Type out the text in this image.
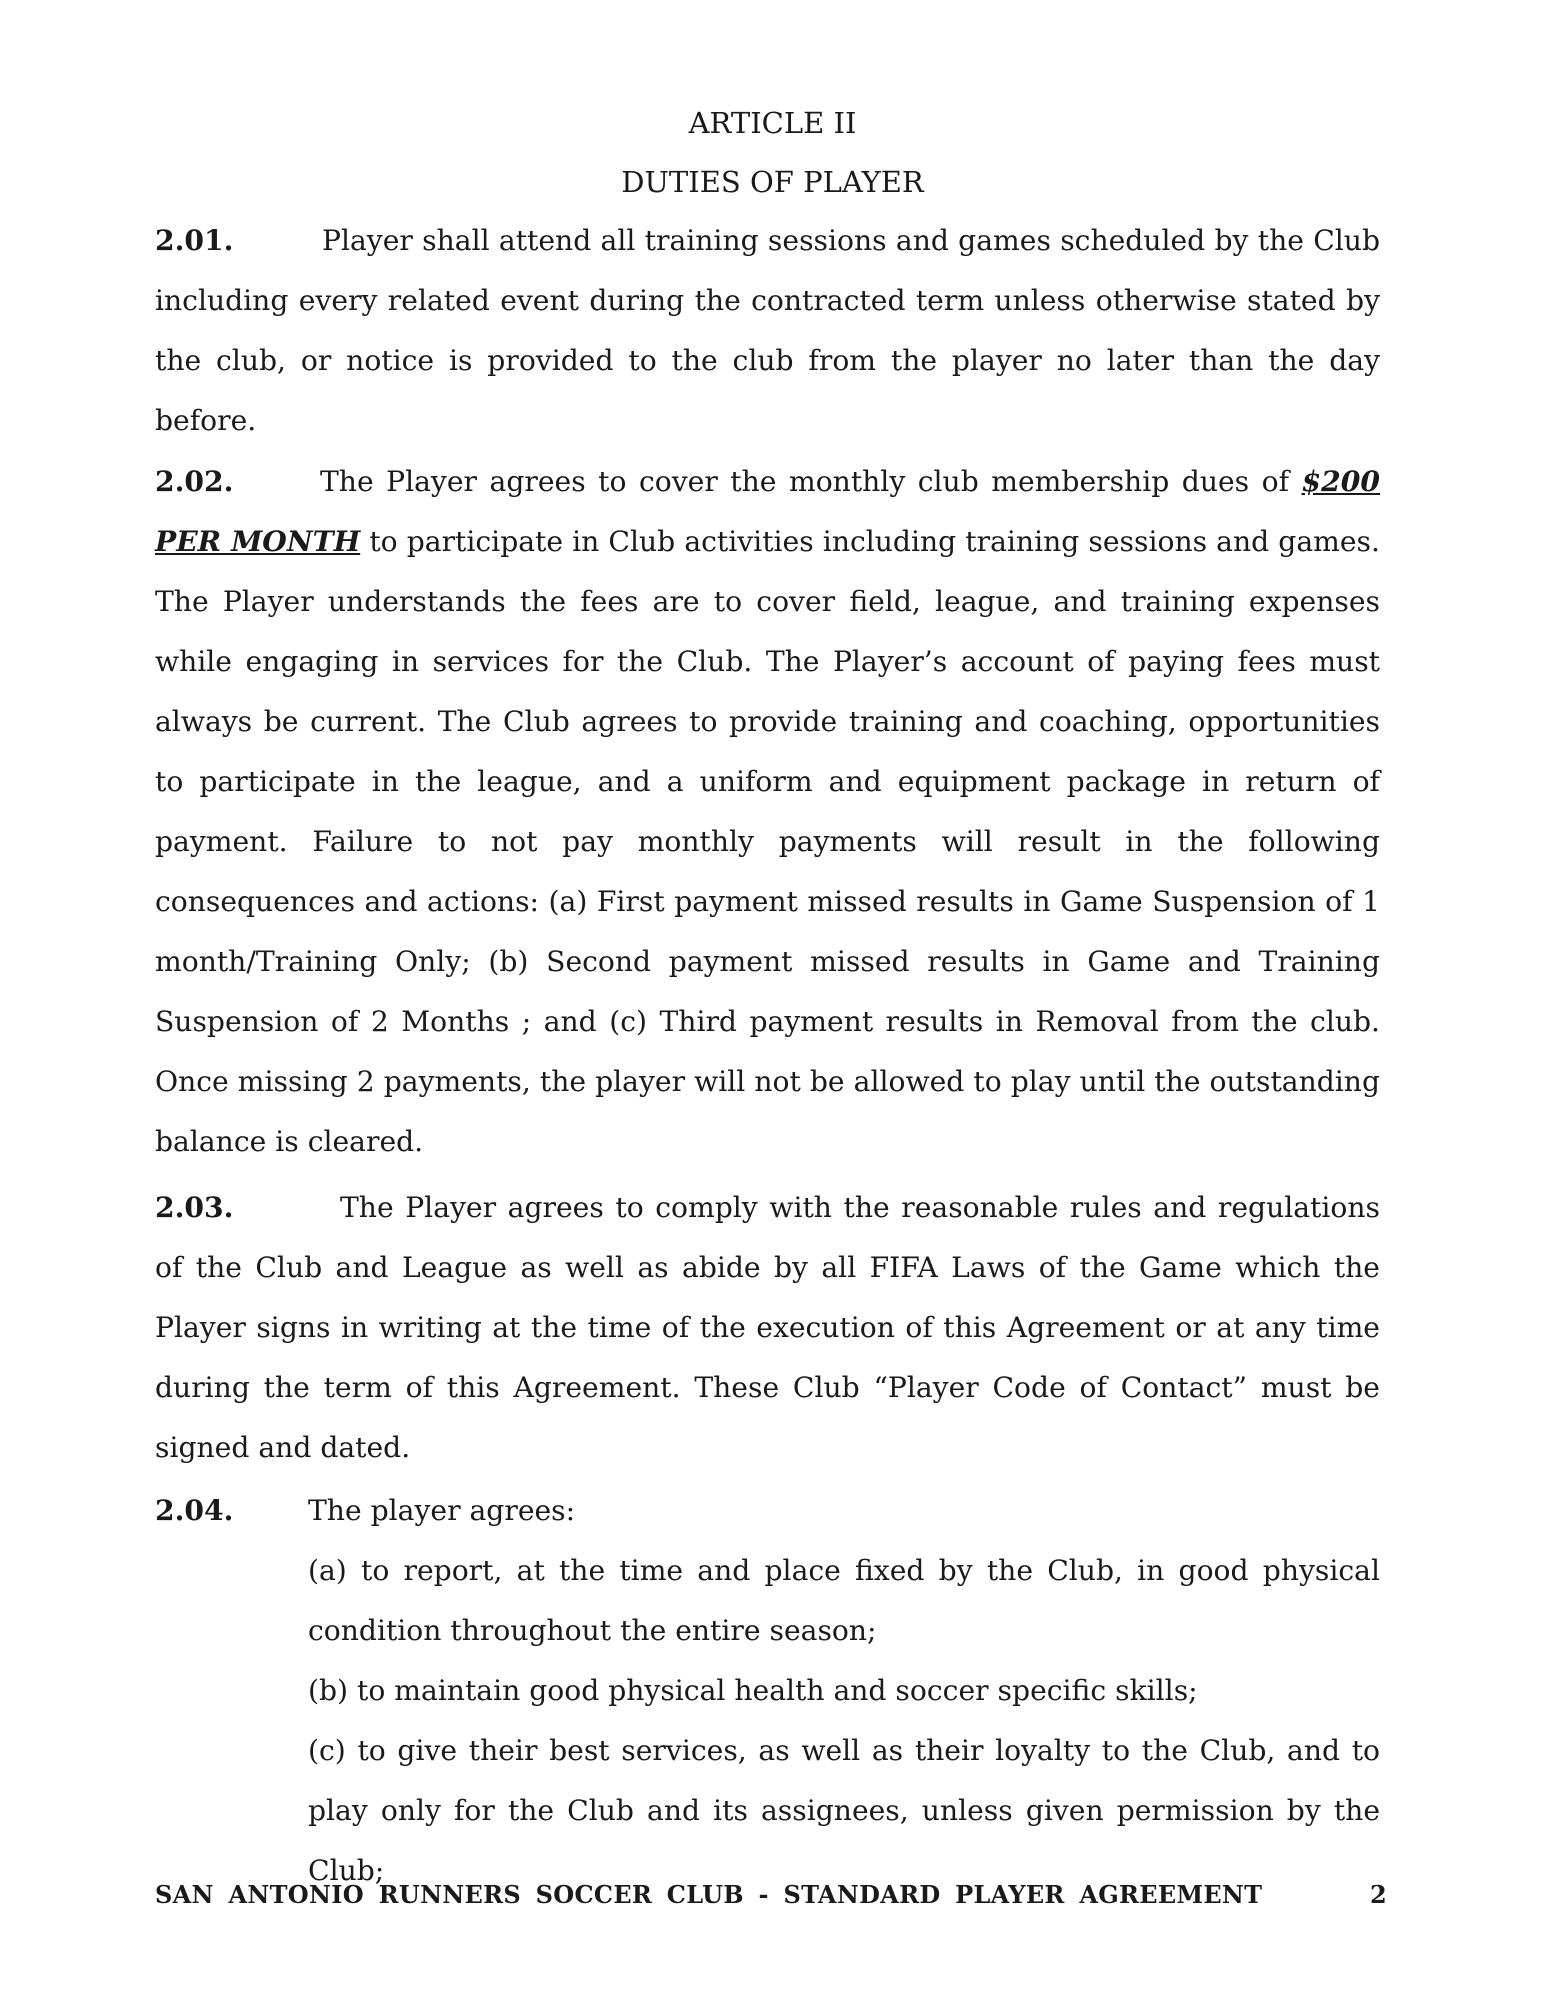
ARTICLE II
DUTIES OF PLAYER
2.01.	Player shall attend all training sessions and games scheduled by the Club including every related event during the contracted term unless otherwise stated by the club, or notice is provided to the club from the player no later than the day before.
2.02.	The Player agrees to cover the monthly club membership dues of $200 PER MONTH to participate in Club activities including training sessions and games. The Player understands the fees are to cover field, league, and training expenses while engaging in services for the Club. The Player’s account of paying fees must always be current. The Club agrees to provide training and coaching, opportunities to participate in the league, and a uniform and equipment package in return of payment. Failure to not pay monthly payments will result in the following consequences and actions: (a) First payment missed results in Game Suspension of 1 month/Training Only; (b) Second payment missed results in Game and Training Suspension of 2 Months ; and (c) Third payment results in Removal from the club. Once missing 2 payments, the player will not be allowed to play until the outstanding balance is cleared.
2.03.	The Player agrees to comply with the reasonable rules and regulations of the Club and League as well as abide by all FIFA Laws of the Game which the Player signs in writing at the time of the execution of this Agreement or at any time during the term of this Agreement. These Club “Player Code of Contact” must be signed and dated.
2.04.	The player agrees:
(a) to report, at the time and place fixed by the Club, in good physical condition throughout the entire season;
(b) to maintain good physical health and soccer specific skills;
(c) to give their best services, as well as their loyalty to the Club, and to play only for the Club and its assignees, unless given permission by the Club;
SAN ANTONIO RUNNERS SOCCER CLUB - STANDARD PLAYER AGREEMENT	2
